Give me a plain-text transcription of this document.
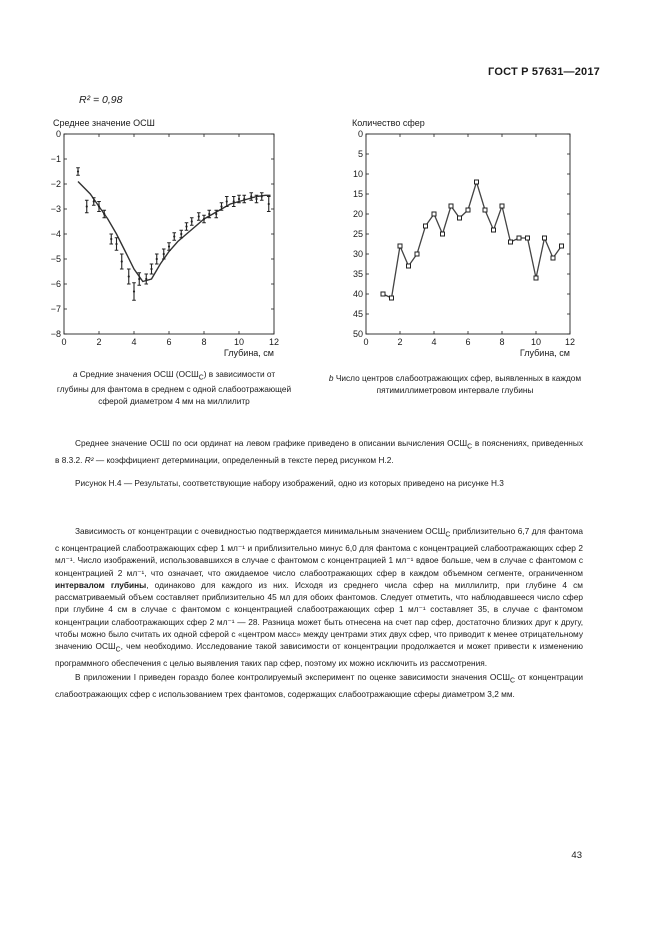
ГОСТ Р 57631—2017
R² = 0,98
Среднее значение ОСШ	Количество сфер
0	2	4	6	8	10	12
0
−1
−2
−3
−4
−5
−6
−7
−8
Глубина, см
0	2	4	6	8	10	12
0
5
10
15
20
25
30
35
40
45
50
Глубина, см
а Средние значения ОСШ $(ОСШ_С)$ в зависимости от глубины для фантома в среднем с одной слабоотражающей сферой диаметром 4 мм на миллилитр
b Число центров слабоотражающих сфер, выявленных в каждом пятимиллиметровом интервале глубины
Среднее значение ОСШ по оси ординат на левом графике приведено в описании вычисления $ОСШ_С$ в пояснениях, приведенных в 8.3.2. R² — коэффициент детерминации, определенный в тексте перед рисунком Н.2.
Рисунок Н.4 — Результаты, соответствующие набору изображений, одно из которых приведено на рисунке Н.3
Зависимость от концентрации с очевидностью подтверждается минимальным значением $ОСШ_С$ приблизительно 6,7 для фантома с концентрацией слабоотражающих сфер 1 мл⁻¹ и приблизительно минус 6,0 для фантома с концентрацией слабоотражающих сфер 2 мл⁻¹. Число изображений, использовавшихся в случае с фантомом с концентрацией 1 мл⁻¹ вдвое больше, чем в случае с фантомом с концентрацией 2 мл⁻¹, что означает, что ожидаемое число слабоотражающих сфер в каждом объемном сегменте, ограниченном интервалом глубины, одинаково для каждого из них. Исходя из среднего числа сфер на миллилитр, при глубине 4 см рассматриваемый объем составляет приблизительно 45 мл для обоих фантомов. Следует отметить, что наблюдавшееся число сфер при глубине 4 см в случае с фантомом с концентрацией слабоотражающих сфер 1 мл⁻¹ составляет 35, в случае с фантомом концентрации слабоотражающих сфер 2 мл⁻¹ — 28. Разница может быть отнесена на счет пар сфер, достаточно близких друг к другу, чтобы можно было считать их одной сферой с «центром масс» между центрами этих двух сфер, что приводит к менее отрицательному значению $ОСШ_С$, чем необходимо. Исследование такой зависимости от концентрации продолжается и может привести к изменению программного обеспечения с целью выявления таких пар сфер, поэтому их можно исключить из рассмотрения.
В приложении I приведен гораздо более контролируемый эксперимент по оценке зависимости значения $ОСШ_С$ от концентрации слабоотражающих сфер с использованием трех фантомов, содержащих слабоотражающие сферы диаметром 3,2 мм.
43
